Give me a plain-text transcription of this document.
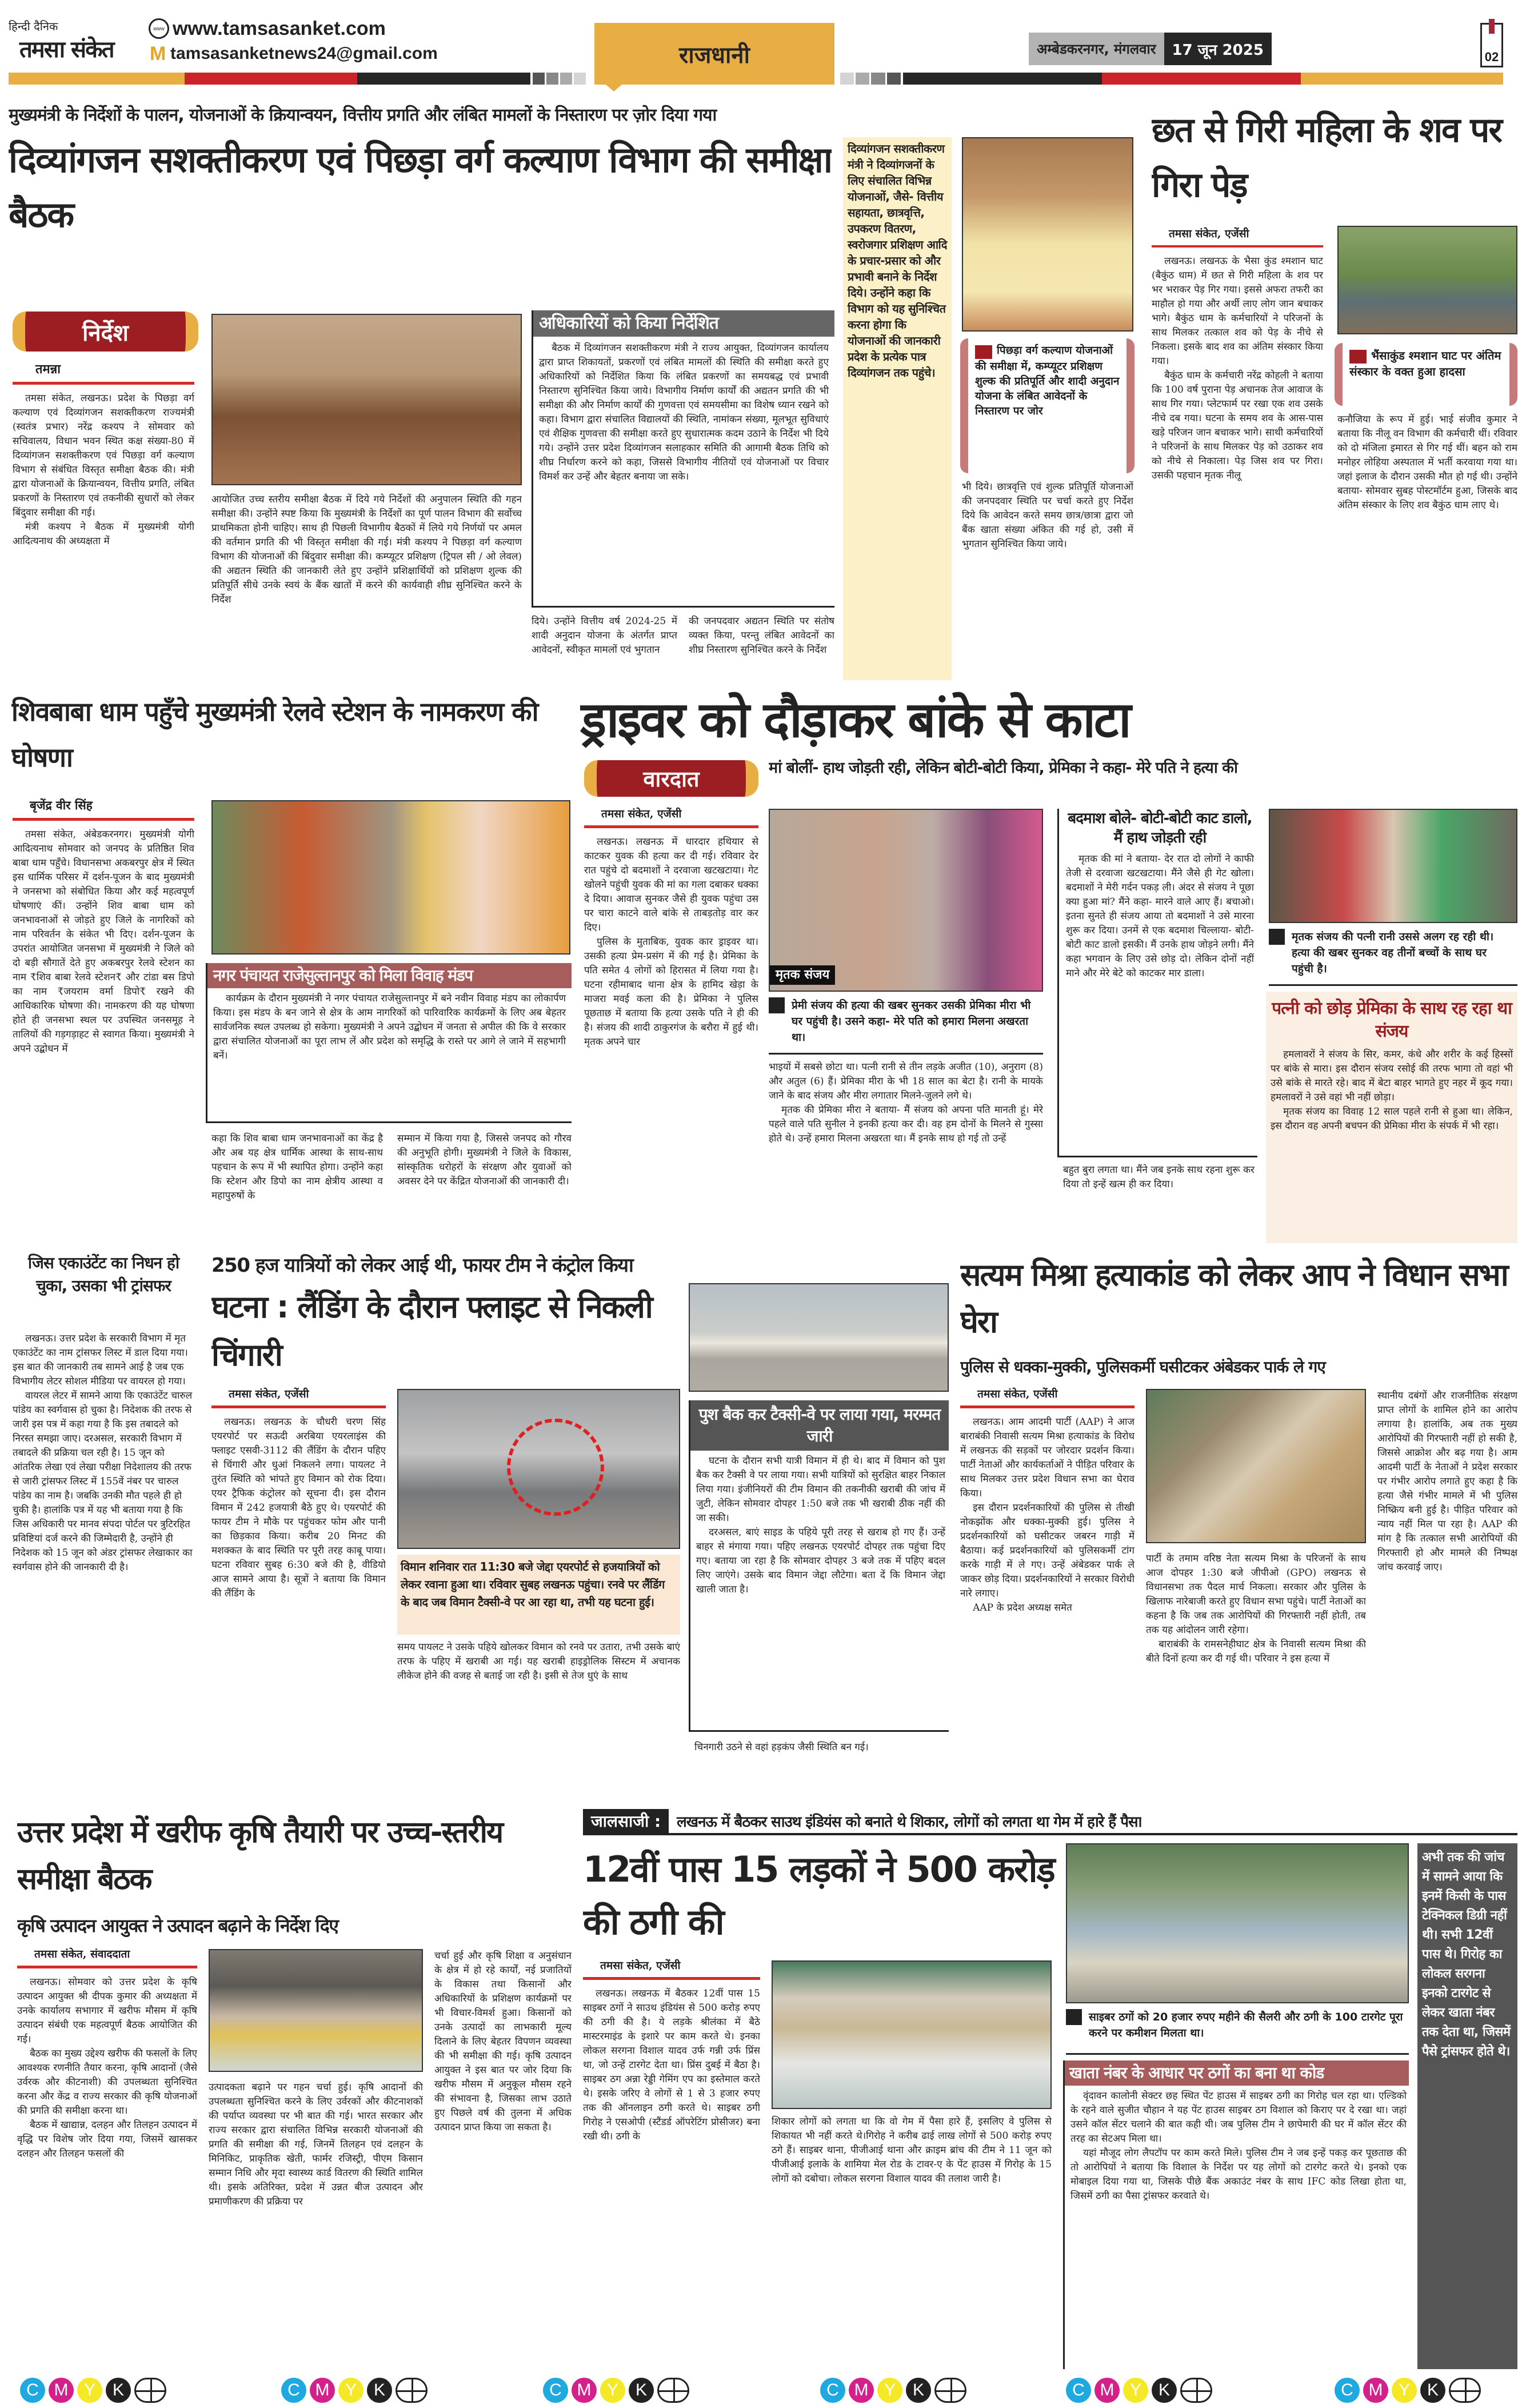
हिन्दी दैनिक
तमसा संकेत
www www.tamsasanket.com
M tamsasanketnews24@gmail.com	राजधानी	अम्बेडकरनगर, मंगलवार	17 जून 2025	02
मुख्यमंत्री के निर्देशों के पालन, योजनाओं के क्रियान्वयन, वित्तीय प्रगति और लंबित मामलों के निस्तारण पर ज़ोर दिया गया
दिव्यांगजन सशक्तीकरण एवं पिछड़ा वर्ग कल्याण विभाग की समीक्षा बैठक
निर्देश
तमन्ना

तमसा संकेत, लखनऊ। प्रदेश के पिछड़ा वर्ग कल्याण एवं दिव्यांगजन सशक्तीकरण राज्यमंत्री (स्वतंत्र प्रभार) नरेंद्र कश्यप ने सोमवार को सचिवालय, विधान भवन स्थित कक्ष संख्या-80 में दिव्यांगजन सशक्तीकरण एवं पिछड़ा वर्ग कल्याण विभाग से संबंधित विस्तृत समीक्षा बैठक की। मंत्री द्वारा योजनाओं के क्रियान्वयन, वित्तीय प्रगति, लंबित प्रकरणों के निस्तारण एवं तकनीकी सुधारों को लेकर बिंदुवार समीक्षा की गई।

मंत्री कश्यप ने बैठक में मुख्यमंत्री योगी आदित्यनाथ की अध्यक्षता में

आयोजित उच्च स्तरीय समीक्षा बैठक में दिये गये निर्देशों की अनुपालन स्थिति की गहन समीक्षा की। उन्होंने स्पष्ट किया कि मुख्यमंत्री के निर्देशों का पूर्ण पालन विभाग की सर्वोच्च प्राथमिकता होनी चाहिए। साथ ही पिछली विभागीय बैठकों में लिये गये निर्णयों पर अमल की वर्तमान प्रगति की भी विस्तृत समीक्षा की गई। मंत्री कश्यप ने पिछड़ा वर्ग कल्याण विभाग की योजनाओं की बिंदुवार समीक्षा की। कम्प्यूटर प्रशिक्षण (ट्रिपल सी / ओ लेवल) की अद्यतन स्थिति की जानकारी लेते हुए उन्होंने प्रशिक्षार्थियों को प्रशिक्षण शुल्क की प्रतिपूर्ति सीधे उनके स्वयं के बैंक खातों में करने की कार्यवाही शीघ्र सुनिश्चित करने के निर्देश
अधिकारियों को किया निर्देशित

बैठक में दिव्यांगजन सशक्तीकरण मंत्री ने राज्य आयुक्त, दिव्यांगजन कार्यालय द्वारा प्राप्त शिकायतों, प्रकरणों एवं लंबित मामलों की स्थिति की समीक्षा करते हुए अधिकारियों को निर्देशित किया कि लंबित प्रकरणों का समयबद्ध एवं प्रभावी निस्तारण सुनिश्चित किया जाये। विभागीय निर्माण कार्यों की अद्यतन प्रगति की भी समीक्षा की और निर्माण कार्यों की गुणवत्ता एवं समयसीमा का विशेष ध्यान रखने को कहा। विभाग द्वारा संचालित विद्यालयों की स्थिति, नामांकन संख्या, मूलभूत सुविधाएं एवं शैक्षिक गुणवत्ता की समीक्षा करते हुए सुधारात्मक कदम उठाने के निर्देश भी दिये गये। उन्होंने उत्तर प्रदेश दिव्यांगजन सलाहकार समिति की आगामी बैठक तिथि को शीघ्र निर्धारण करने को कहा, जिससे विभागीय नीतियों एवं योजनाओं पर विचार विमर्श कर उन्हें और बेहतर बनाया जा सके।

दिये। उन्होंने वित्तीय वर्ष 2024-25 में शादी अनुदान योजना के अंतर्गत प्राप्त आवेदनों, स्वीकृत मामलों एवं भुगतान
की जनपदवार अद्यतन स्थिति पर संतोष व्यक्त किया, परन्तु लंबित आवेदनों का शीघ्र निस्तारण सुनिश्चित करने के निर्देश
दिव्यांगजन सशक्तीकरण मंत्री ने दिव्यांगजनों के लिए संचालित विभिन्न योजनाओं, जैसे- वित्तीय सहायता, छात्रवृत्ति, उपकरण वितरण, स्वरोजगार प्रशिक्षण आदि के प्रचार-प्रसार को और प्रभावी बनाने के निर्देश दिये। उन्होंने कहा कि विभाग को यह सुनिश्चित करना होगा कि योजनाओं की जानकारी प्रदेश के प्रत्येक पात्र दिव्यांगजन तक पहुंचे।
पिछड़ा वर्ग कल्याण योजनाओं की समीक्षा में, कम्प्यूटर प्रशिक्षण शुल्क की प्रतिपूर्ति और शादी अनुदान योजना के लंबित आवेदनों के निस्तारण पर जोर
भी दिये। छात्रवृत्ति एवं शुल्क प्रतिपूर्ति योजनाओं की जनपदवार स्थिति पर चर्चा करते हुए निर्देश दिये कि आवेदन करते समय छात्र/छात्रा द्वारा जो बैंक खाता संख्या अंकित की गई हो, उसी में भुगतान सुनिश्चित किया जाये।
छत से गिरी महिला के शव पर गिरा पेड़
तमसा संकेत, एजेंसी

लखनऊ। लखनऊ के भैसा कुंड श्मशान घाट (बैकुंठ धाम) में छत से गिरी महिला के शव पर भर भराकर पेड़ गिर गया। इससे अफरा तफरी का माहौल हो गया और अर्थी लाए लोग जान बचाकर भागे। बैकुंठ धाम के कर्मचारियों ने परिजनों के साथ मिलकर तत्काल शव को पेड़ के नीचे से निकला। इसके बाद शव का अंतिम संस्कार किया गया।

बैकुंठ धाम के कर्मचारी नरेंद्र कोहली ने बताया कि 100 वर्ष पुराना पेड़ अचानक तेज आवाज के साथ गिर गया। प्लेटफार्म पर रखा एक शव उसके नीचे दब गया। घटना के समय शव के आस-पास खड़े परिजन जान बचाकर भागे। साथी कर्मचारियों ने परिजनों के साथ मिलकर पेड़ को उठाकर शव को नीचे से निकाला। पेड़ जिस शव पर गिरा। उसकी पहचान मृतक नीलू

भैंसाकुंड श्मशान घाट पर अंतिम संस्कार के वक्त हुआ हादसा
कनौजिया के रूप में हुई। भाई संजीव कुमार ने बताया कि नीलू वन विभाग की कर्मचारी थीं। रविवार को दो मंजिला इमारत से गिर गई थीं। बहन को राम मनोहर लोहिया अस्पताल में भर्ती करवाया गया था। जहां इलाज के दौरान उसकी मौत हो गई थी। उन्होंने बताया- सोमवार सुबह पोस्टमॉर्टम हुआ, जिसके बाद अंतिम संस्कार के लिए शव बैकुंठ धाम लाए थे।
शिवबाबा धाम पहुँचे मुख्यमंत्री रेलवे स्टेशन के नामकरण की घोषणा
बृजेंद्र वीर सिंह

तमसा संकेत, अंबेडकरनगर। मुख्यमंत्री योगी आदित्यनाथ सोमवार को जनपद के प्रतिष्ठित शिव बाबा धाम पहुँचे। विधानसभा अकबरपुर क्षेत्र में स्थित इस धार्मिक परिसर में दर्शन-पूजन के बाद मुख्यमंत्री ने जनसभा को संबोधित किया और कई महत्वपूर्ण घोषणाएं कीं। उन्होंने शिव बाबा धाम को जनभावनाओं से जोड़ते हुए जिले के नागरिकों को नाम परिवर्तन के संकेत भी दिए। दर्शन-पूजन के उपरांत आयोजित जनसभा में मुख्यमंत्री ने जिले को दो बड़ी सौगातें देते हुए अकबरपुर रेलवे स्टेशन का नाम ₹शिव बाबा रेलवे स्टेशन₹ और टांडा बस डिपो का नाम ₹जयराम वर्मा डिपो₹ रखने की आधिकारिक घोषणा की। नामकरण की यह घोषणा होते ही जनसभा स्थल पर उपस्थित जनसमूह ने तालियों की गड़गड़ाहट से स्वागत किया। मुख्यमंत्री ने अपने उद्बोधन में

नगर पंचायत राजेसुल्तानपुर को मिला विवाह मंडप

कार्यक्रम के दौरान मुख्यमंत्री ने नगर पंचायत राजेसुल्तानपुर में बने नवीन विवाह मंडप का लोकार्पण किया। इस मंडप के बन जाने से क्षेत्र के आम नागरिकों को पारिवारिक कार्यक्रमों के लिए अब बेहतर सार्वजनिक स्थल उपलब्ध हो सकेगा। मुख्यमंत्री ने अपने उद्बोधन में जनता से अपील की कि वे सरकार द्वारा संचालित योजनाओं का पूरा लाभ लें और प्रदेश को समृद्धि के रास्ते पर आगे ले जाने में सहभागी बनें।

कहा कि शिव बाबा धाम जनभावनाओं का केंद्र है और अब यह क्षेत्र धार्मिक आस्था के साथ-साथ पहचान के रूप में भी स्थापित होगा। उन्होंने कहा कि स्टेशन और डिपो का नाम क्षेत्रीय आस्था व महापुरुषों के
सम्मान में किया गया है, जिससे जनपद को गौरव की अनुभूति होगी। मुख्यमंत्री ने जिले के विकास, सांस्कृतिक धरोहरों के संरक्षण और युवाओं को अवसर देने पर केंद्रित योजनाओं की जानकारी दी।
ड्राइवर को दौड़ाकर बांके से काटा
वारदात	मां बोलीं- हाथ जोड़ती रही, लेकिन बोटी-बोटी किया, प्रेमिका ने कहा- मेरे पति ने हत्या की
तमसा संकेत, एजेंसी

लखनऊ। लखनऊ में धारदार हथियार से काटकर युवक की हत्या कर दी गई। रविवार देर रात पहुंचे दो बदमाशों ने दरवाजा खटखटाया। गेट खोलने पहुंची युवक की मां का गला दबाकर धक्का दे दिया। आवाज सुनकर जैसे ही युवक पहुंचा उस पर चारा काटने वाले बांके से ताबड़तोड़ वार कर दिए।

पुलिस के मुताबिक, युवक कार ड्राइवर था। उसकी हत्या प्रेम-प्रसंग में की गई है। प्रेमिका के पति समेत 4 लोगों को हिरासत में लिया गया है। घटना रहीमाबाद थाना क्षेत्र के हामिद खेड़ा के माजरा मवई कला की है। प्रेमिका ने पुलिस पूछताछ में बताया कि हत्या उसके पति ने ही की है। संजय की शादी ठाकुरगंज के बरौरा में हुई थी। मृतक अपने चार

मृतक संजय
प्रेमी संजय की हत्या की खबर सुनकर उसकी प्रेमिका मीरा भी घर पहुंची है। उसने कहा- मेरे पति को हमारा मिलना अखरता था।

भाइयों में सबसे छोटा था। पत्नी रानी से तीन लड़के अजीत (10), अनुराग (8) और अतुल (6) हैं। प्रेमिका मीरा के भी 18 साल का बेटा है। रानी के मायके जाने के बाद संजय और मीरा लगातार मिलने-जुलने लगे थे।

मृतक की प्रेमिका मीरा ने बताया- मैं संजय को अपना पति मानती हूं। मेरे पहले वाले पति सुनील ने इनकी हत्या कर दी। वह हम दोनों के मिलने से गुस्सा होते थे। उन्हें हमारा मिलना अखरता था। मैं इनके साथ हो गई तो उन्हें

बदमाश बोले- बोटी-बोटी काट डालो, मैं हाथ जोड़ती रही

मृतक की मां ने बताया- देर रात दो लोगों ने काफी तेजी से दरवाजा खटखटाया। मैंने जैसे ही गेट खोला। बदमाशों ने मेरी गर्दन पकड़ ली। अंदर से संजय ने पूछा क्या हुआ मां? मैंने कहा- मारने वाले आए हैं। बचाओ। इतना सुनते ही संजय आया तो बदमाशों ने उसे मारना शुरू कर दिया। उनमें से एक बदमाश चिल्लाया- बोटी-बोटी काट डालो इसकी। मैं उनके हाथ जोड़ने लगी। मैंने कहा भगवान के लिए उसे छोड़ दो। लेकिन दोनों नहीं माने और मेरे बेटे को काटकर मार डाला।

बहुत बुरा लगता था। मैंने जब इनके साथ रहना शुरू कर दिया तो इन्हें खत्म ही कर दिया।
मृतक संजय की पत्नी रानी उससे अलग रह रही थी। हत्या की खबर सुनकर वह तीनों बच्चों के साथ घर पहुंची है।
पत्नी को छोड़ प्रेमिका के साथ रह रहा था संजय

हमलावरों ने संजय के सिर, कमर, कंधे और शरीर के कई हिस्सों पर बांके से मारा। इस दौरान संजय रसोई की तरफ भागा तो वहां भी उसे बांके से मारते रहे। बाद में बेटा बाहर भागते हुए नहर में कूद गया। हमलावरों ने उसे वहां भी नहीं छोड़ा।

मृतक संजय का विवाह 12 साल पहले रानी से हुआ था। लेकिन, इस दौरान वह अपनी बचपन की प्रेमिका मीरा के संपर्क में भी रहा।

जिस एकाउंटेंट का निधन हो चुका, उसका भी ट्रांसफर

लखनऊ। उत्तर प्रदेश के सरकारी विभाग में मृत एकाउंटेंट का नाम ट्रांसफर लिस्ट में डाल दिया गया। इस बात की जानकारी तब सामने आई है जब एक विभागीय लेटर सोशल मीडिया पर वायरल हो गया।

वायरल लेटर में सामने आया कि एकाउंटेंट चारुल पांडेय का स्वर्गवास हो चुका है। निदेशक की तरफ से जारी इस पत्र में कहा गया है कि इस तबादले को निरस्त समझा जाए। दरअसल, सरकारी विभाग में तबादले की प्रक्रिया चल रही है। 15 जून को आंतरिक लेखा एवं लेखा परीक्षा निदेशालय की तरफ से जारी ट्रांसफर लिस्ट में 155वें नंबर पर चारुल पांडेय का नाम है। जबकि उनकी मौत पहले ही हो चुकी है। हालांकि पत्र में यह भी बताया गया है कि जिस अधिकारी पर मानव संपदा पोर्टल पर त्रुटिरहित प्रविष्टियां दर्ज करने की जिम्मेदारी है, उन्होंने ही निदेशक को 15 जून को अंडर ट्रांसफर लेखाकार का स्वर्गवास होने की जानकारी दी है।

250 हज यात्रियों को लेकर आई थी, फायर टीम ने कंट्रोल किया
घटना : लैंडिंग के दौरान फ्लाइट से निकली चिंगारी
तमसा संकेत, एजेंसी

लखनऊ। लखनऊ के चौधरी चरण सिंह एयरपोर्ट पर सऊदी अरबिया एयरलाइंस की फ्लाइट एसवी-3112 की लैंडिंग के दौरान पहिए से चिंगारी और धुआं निकलने लगा। पायलट ने तुरंत स्थिति को भांपते हुए विमान को रोक दिया। एयर ट्रैफिक कंट्रोलर को सूचना दी। इस दौरान विमान में 242 हजयात्री बैठे हुए थे। एयरपोर्ट की फायर टीम ने मौके पर पहुंचकर फोम और पानी का छिड़काव किया। करीब 20 मिनट की मशक्कत के बाद स्थिति पर पूरी तरह काबू पाया। घटना रविवार सुबह 6:30 बजे की है, वीडियो आज सामने आया है। सूत्रों ने बताया कि विमान की लैंडिंग के

विमान शनिवार रात 11:30 बजे जेद्दा एयरपोर्ट से हजयात्रियों को लेकर रवाना हुआ था। रविवार सुबह लखनऊ पहुंचा। रनवे पर लैंडिंग के बाद जब विमान टैक्सी-वे पर आ रहा था, तभी यह घटना हुई।
समय पायलट ने उसके पहिये खोलकर विमान को रनवे पर उतारा, तभी उसके बाएं तरफ के पहिए में खराबी आ गई। यह खराबी हाइड्रोलिक सिस्टम में अचानक लीकेज होने की वजह से बताई जा रही है। इसी से तेज धुएं के साथ
पुश बैक कर टैक्सी-वे पर लाया गया, मरम्मत जारी

घटना के दौरान सभी यात्री विमान में ही थे। बाद में विमान को पुश बैक कर टैक्सी वे पर लाया गया। सभी यात्रियों को सुरक्षित बाहर निकाल लिया गया। इंजीनियरों की टीम विमान की तकनीकी खराबी की जांच में जुटी, लेकिन सोमवार दोपहर 1:50 बजे तक भी खराबी ठीक नहीं की जा सकी।

दरअसल, बाएं साइड के पहिये पूरी तरह से खराब हो गए हैं। उन्हें बाहर से मंगाया गया। पहिए लखनऊ एयरपोर्ट दोपहर तक पहुंचा दिए गए। बताया जा रहा है कि सोमवार दोपहर 3 बजे तक में पहिए बदल लिए जाएंगे। उसके बाद विमान जेद्दा लौटेगा। बता दें कि विमान जेद्दा खाली जाता है।

चिनगारी उठने से वहां हड़कंप जैसी स्थिति बन गई।
सत्यम मिश्रा हत्याकांड को लेकर आप ने विधान सभा घेरा
पुलिस से धक्का-मुक्की, पुलिसकर्मी घसीटकर अंबेडकर पार्क ले गए
तमसा संकेत, एजेंसी

लखनऊ। आम आदमी पार्टी (AAP) ने आज बाराबंकी निवासी सत्यम मिश्रा हत्याकांड के विरोध में लखनऊ की सड़कों पर जोरदार प्रदर्शन किया। पार्टी नेताओं और कार्यकर्ताओं ने पीड़ित परिवार के साथ मिलकर उत्तर प्रदेश विधान सभा का घेराव किया।

इस दौरान प्रदर्शनकारियों की पुलिस से तीखी नोकझोंक और धक्का-मुक्की हुई। पुलिस ने प्रदर्शनकारियों को घसीटकर जबरन गाड़ी में बैठाया। कई प्रदर्शनकारियों को पुलिसकर्मी टांग करके गाड़ी में ले गए। उन्हें अंबेडकर पार्क ले जाकर छोड़ दिया। प्रदर्शनकारियों ने सरकार विरोधी नारे लगाए।

AAP के प्रदेश अध्यक्ष समेत

पार्टी के तमाम वरिष्ठ नेता सत्यम मिश्रा के परिजनों के साथ आज दोपहर 1:30 बजे जीपीओ (GPO) लखनऊ से विधानसभा तक पैदल मार्च निकला। सरकार और पुलिस के खिलाफ नारेबाजी करते हुए विधान सभा पहुंचे। पार्टी नेताओं का कहना है कि जब तक आरोपियों की गिरफ्तारी नहीं होती, तब तक यह आंदोलन जारी रहेगा।

बाराबंकी के रामसनेहीघाट क्षेत्र के निवासी सत्यम मिश्रा की बीते दिनों हत्या कर दी गई थी। परिवार ने इस हत्या में

स्थानीय दबंगों और राजनीतिक संरक्षण प्राप्त लोगों के शामिल होने का आरोप लगाया है। हालांकि, अब तक मुख्य आरोपियों की गिरफ्तारी नहीं हो सकी है, जिससे आक्रोश और बढ़ गया है। आम आदमी पार्टी के नेताओं ने प्रदेश सरकार पर गंभीर आरोप लगाते हुए कहा है कि हत्या जैसे गंभीर मामले में भी पुलिस निष्क्रिय बनी हुई है। पीड़ित परिवार को न्याय नहीं मिल पा रहा है। AAP की मांग है कि तत्काल सभी आरोपियों की गिरफ्तारी हो और मामले की निष्पक्ष जांच करवाई जाए।
उत्तर प्रदेश में खरीफ कृषि तैयारी पर उच्च-स्तरीय समीक्षा बैठक
कृषि उत्पादन आयुक्त ने उत्पादन बढ़ाने के निर्देश दिए
तमसा संकेत, संवाददाता

लखनऊ। सोमवार को उत्तर प्रदेश के कृषि उत्पादन आयुक्त श्री दीपक कुमार की अध्यक्षता में उनके कार्यालय सभागार में खरीफ मौसम में कृषि उत्पादन संबंधी एक महत्वपूर्ण बैठक आयोजित की गई।

बैठक का मुख्य उद्देश्य खरीफ की फसलों के लिए आवश्यक रणनीति तैयार करना, कृषि आदानों (जैसे उर्वरक और कीटनाशी) की उपलब्धता सुनिश्चित करना और केंद्र व राज्य सरकार की कृषि योजनाओं की प्रगति की समीक्षा करना था।

बैठक में खाद्यान्न, दलहन और तिलहन उत्पादन में वृद्धि पर विशेष जोर दिया गया, जिसमें खासकर दलहन और तिलहन फसलों की

उत्पादकता बढ़ाने पर गहन चर्चा हुई। कृषि आदानों की उपलब्धता सुनिश्चित करने के लिए उर्वरकों और कीटनाशकों की पर्याप्त व्यवस्था पर भी बात की गई। भारत सरकार और राज्य सरकार द्वारा संचालित विभिन्न सरकारी योजनाओं की प्रगति की समीक्षा की गई, जिनमें तिलहन एवं दलहन के मिनिकिट, प्राकृतिक खेती, फार्मर रजिस्ट्री, पीएम किसान सम्मान निधि और मृदा स्वास्थ्य कार्ड वितरण की स्थिति शामिल थी। इसके अतिरिक्त, प्रदेश में उन्नत बीज उत्पादन और प्रमाणीकरण की प्रक्रिया पर
चर्चा हुई और कृषि शिक्षा व अनुसंधान के क्षेत्र में हो रहे कार्यों, नई प्रजातियों के विकास तथा किसानों और अधिकारियों के प्रशिक्षण कार्यक्रमों पर भी विचार-विमर्श हुआ। किसानों को उनके उत्पादों का लाभकारी मूल्य दिलाने के लिए बेहतर विपणन व्यवस्था की भी समीक्षा की गई। कृषि उत्पादन आयुक्त ने इस बात पर जोर दिया कि खरीफ मौसम में अनुकूल मौसम रहने की संभावना है, जिसका लाभ उठाते हुए पिछले वर्ष की तुलना में अधिक उत्पादन प्राप्त किया जा सकता है।
जालसाजी :	लखनऊ में बैठकर साउथ इंडियंस को बनाते थे शिकार, लोगों को लगता था गेम में हारे हैं पैसा
12वीं पास 15 लड़कों ने 500 करोड़ की ठगी की
तमसा संकेत, एजेंसी

लखनऊ। लखनऊ में बैठकर 12वीं पास 15 साइबर ठगों ने साउथ इंडियंस से 500 करोड़ रुपए की ठगी की है। ये लड़के श्रीलंका में बैठे मास्टरमाइंड के इशारे पर काम करते थे। इनका लोकल सरगना विशाल यादव उर्फ गन्नी उर्फ प्रिंस था, जो उन्हें टारगेट देता था। प्रिंस दुबई में बैठा है। साइबर ठग अन्ना रेड्डी गेमिंग एप का इस्तेमाल करते थे। इसके जरिए वे लोगों से 1 से 3 हजार रुपए तक की ऑनलाइन ठगी करते थे। साइबर ठगी गिरोह ने एसओपी (स्टैंडर्ड ऑपरेटिंग प्रोसीजर) बना रखी थी। ठगी के

शिकार लोगों को लगता था कि वो गेम में पैसा हारे हैं, इसलिए वे पुलिस से शिकायत भी नहीं करते थे।गिरोह ने करीब ढाई लाख लोगों से 500 करोड़ रुपए ठगे हैं। साइबर थाना, पीजीआई थाना और क्राइम ब्रांच की टीम ने 11 जून को पीजीआई इलाके के शामिया मेल रोड के टावर-ए के पेंट हाउस में गिरोह के 15 लोगों को दबोचा। लोकल सरगना विशाल यादव की तलाश जारी है।
साइबर ठगों को 20 हजार रुपए महीने की सैलरी और ठगी के 100 टारगेट पूरा करने पर कमीशन मिलता था।
खाता नंबर के आधार पर ठगों का बना था कोड

वृंदावन कालोनी सेक्टर छह स्थित पेंट हाउस में साइबर ठगी का गिरोह चल रहा था। एल्डिको के रहने वाले सुजीत चौहान ने यह पेंट हाउस साइबर ठग विशाल को किराए पर दे रखा था। जहां उसने कॉल सेंटर चलाने की बात कही थी। जब पुलिस टीम ने छापेमारी की घर में कॉल सेंटर की तरह का सेटअप मिला था।

यहां मौजूद लोग लैपटॉप पर काम करते मिले। पुलिस टीम ने जब इन्हें पकड़ कर पूछताछ की तो आरोपियों ने बताया कि विशाल के निर्देश पर यह लोगों को टारगेट करते थे। इनको एक मोबाइल दिया गया था, जिसके पीछे बैंक अकाउंट नंबर के साथ IFC कोड लिखा होता था, जिसमें ठगी का पैसा ट्रांसफर करवाते थे।

अभी तक की जांच में सामने आया कि इनमें किसी के पास टेक्निकल डिग्री नहीं थी। सभी 12वीं पास थे। गिरोह का लोकल सरगना इनको टारगेट से लेकर खाता नंबर तक देता था, जिसमें पैसे ट्रांसफर होते थे।
C M Y K	C M Y K	C M Y K	C M Y K	C M Y K	C M Y K
